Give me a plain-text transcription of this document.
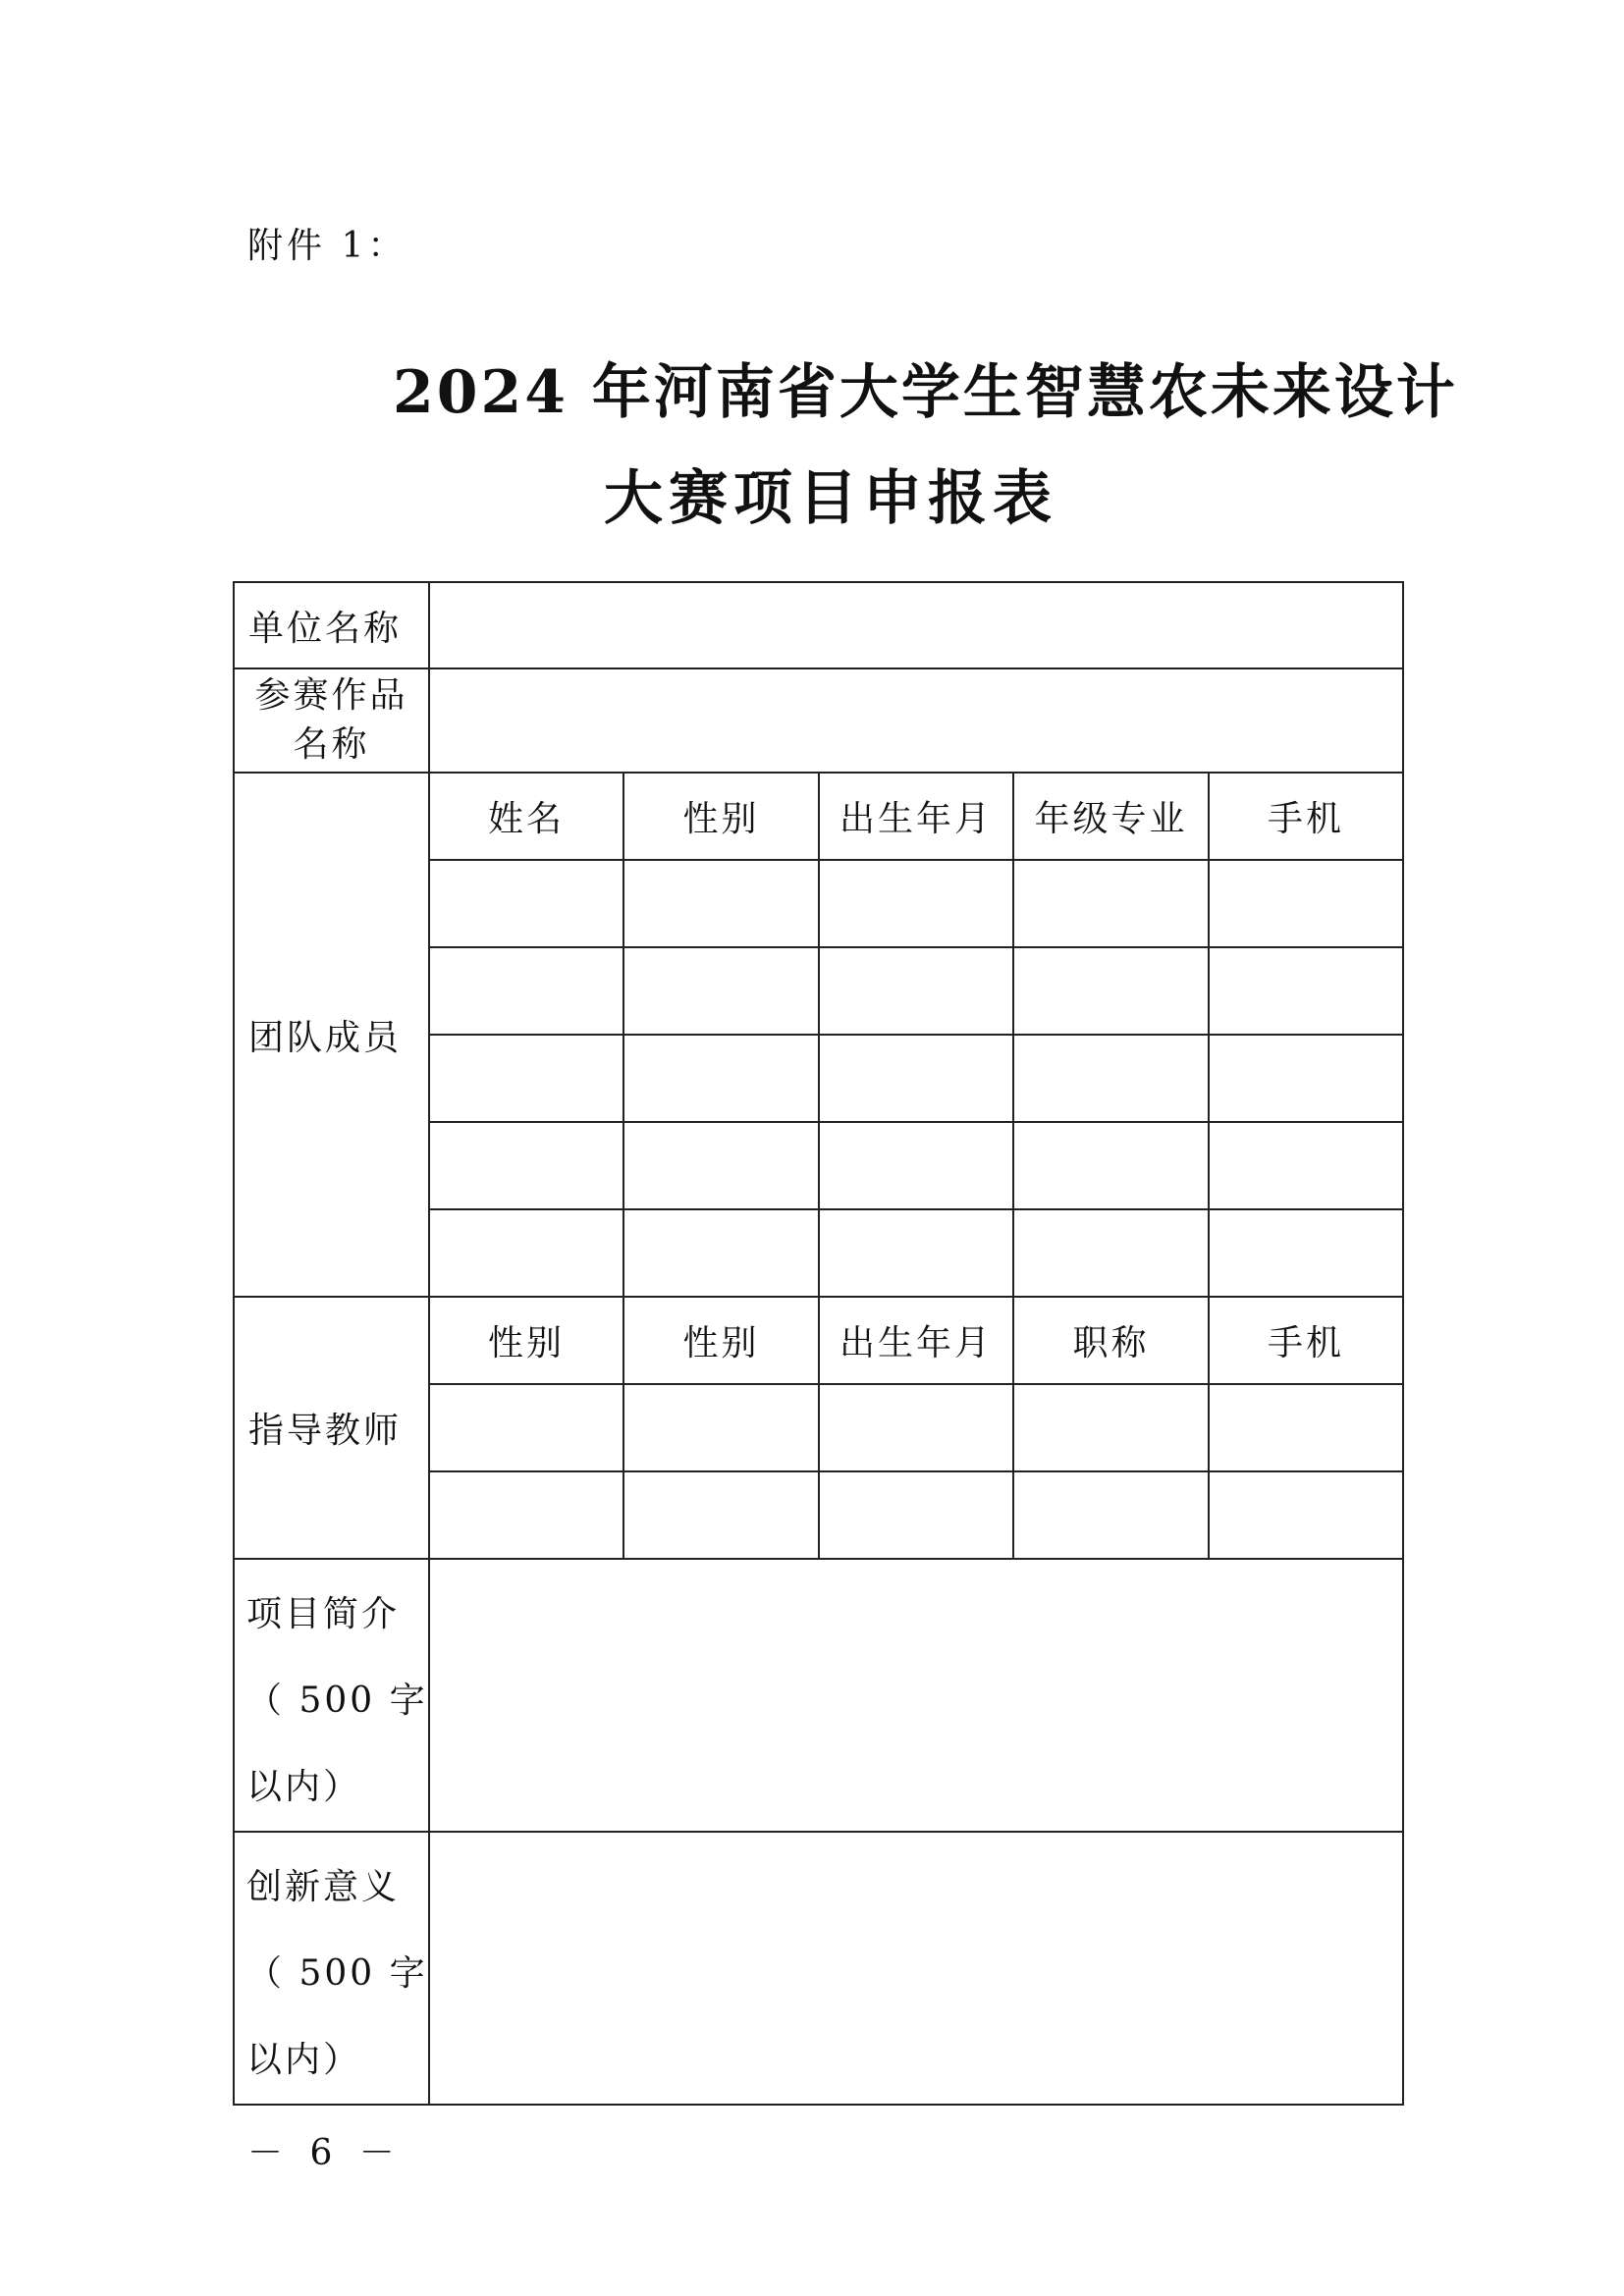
附件 1：
2024 年河南省大学生智慧农未来设计
大赛项目申报表
单位名称					

参赛作品
名称					

团队成员	姓名	性别	出生年月	年级专业	手机

指导教师	性别	性别	出生年月	职称	手机

项目简介
（ 500 字
以内）					

创新意义
（ 500 字
以内）					

－ 6 －
